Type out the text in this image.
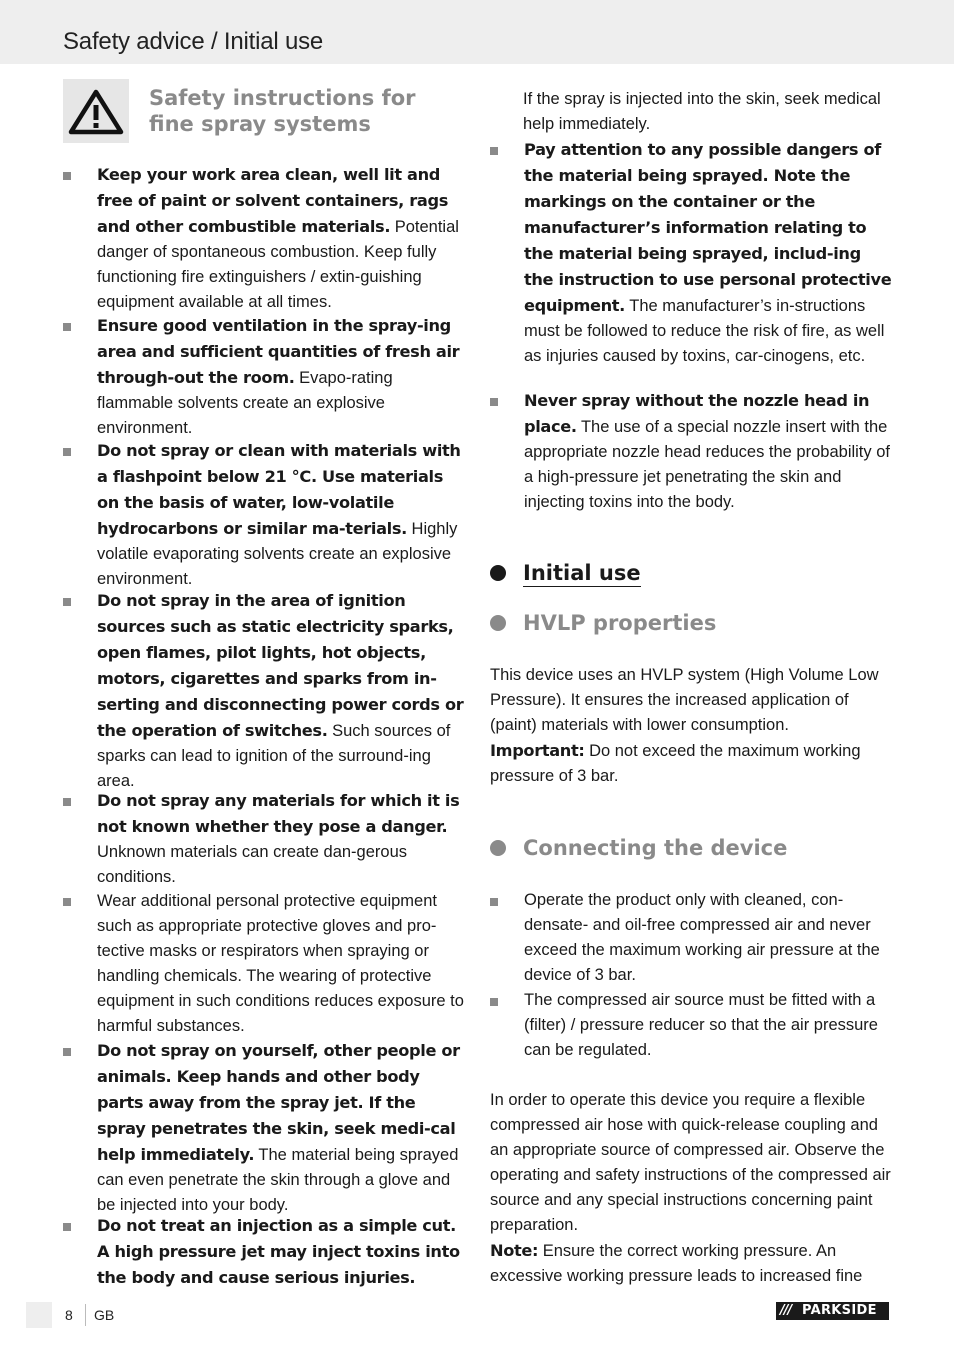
Safety advice / Initial use
Safety instructions for
fine spray systems
Keep your work area clean, well lit and free of paint or solvent containers, rags and other combustible materials. Potential danger of spontaneous combustion. Keep fully functioning fire extinguishers / extin-guishing equipment available at all times.
Ensure good ventilation in the spray-ing area and sufficient quantities of fresh air through-out the room. Evapo-rating flammable solvents create an explosive environment.
Do not spray or clean with materials with a flashpoint below 21 °C. Use materials on the basis of water, low-volatile hydrocarbons or similar ma-terials. Highly volatile evaporating solvents create an explosive environment.
Do not spray in the area of ignition sources such as static electricity sparks, open flames, pilot lights, hot objects, motors, cigarettes and sparks from in-serting and disconnecting power cords or the operation of switches. Such sources of sparks can lead to ignition of the surround-ing area.
Do not spray any materials for which it is not known whether they pose a danger. Unknown materials can create dan-gerous conditions.
Wear additional personal protective equipment such as appropriate protective gloves and pro-tective masks or respirators when spraying or handling chemicals. The wearing of protective equipment in such conditions reduces exposure to harmful substances.
Do not spray on yourself, other people or animals. Keep hands and other body parts away from the spray jet. If the spray penetrates the skin, seek medi-cal help immediately. The material being sprayed can even penetrate the skin through a glove and be injected into your body.
Do not treat an injection as a simple cut. A high pressure jet may inject toxins into the body and cause serious injuries.

If the spray is injected into the skin, seek medical help immediately.

Pay attention to any possible dangers of the material being sprayed. Note the markings on the container or the manufacturer’s information relating to the material being sprayed, includ-ing the instruction to use personal protective equipment. The manufacturer’s in-structions must be followed to reduce the risk of fire, as well as injuries caused by toxins, car-cinogens, etc.
Never spray without the nozzle head in place. The use of a special nozzle insert with the appropriate nozzle head reduces the probability of a high-pressure jet penetrating the skin and injecting toxins into the body.

This device uses an HVLP system (High Volume Low Pressure). It ensures the increased application of (paint) materials with lower consumption.
Important: Do not exceed the maximum working pressure of 3 bar.

Operate the product only with cleaned, con-densate- and oil-free compressed air and never exceed the maximum working air pressure at the device of 3 bar.
The compressed air source must be fitted with a (filter) / pressure reducer so that the air pressure can be regulated.

In order to operate this device you require a flexible compressed air hose with quick-release coupling and an appropriate source of compressed air. Observe the operating and safety instructions of the compressed air source and any special instructions concerning paint preparation.
Note: Ensure the correct working pressure. An excessive working pressure leads to increased fine

Initial use
HVLP properties
Connecting the device
8 GB	/// PARKSIDE
